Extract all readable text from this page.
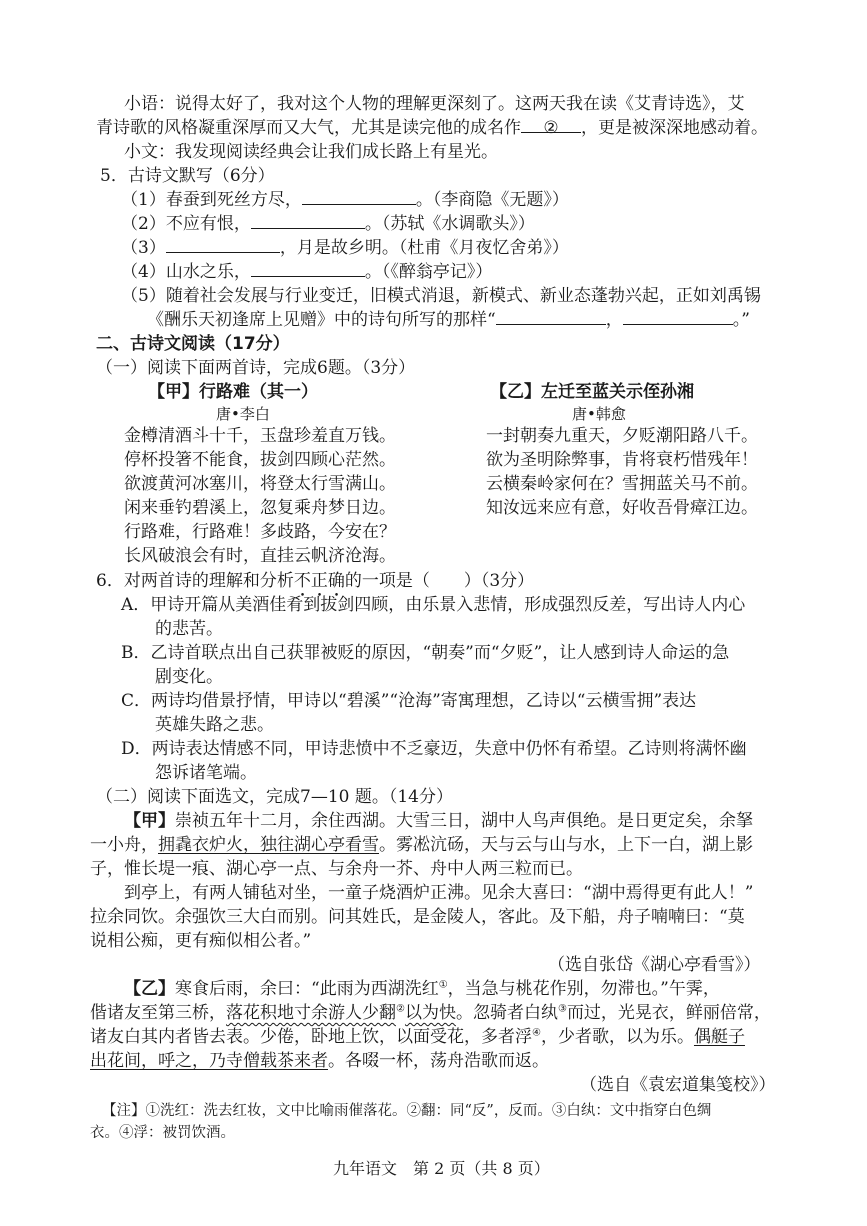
小语：说得太好了，我对这个人物的理解更深刻了。这两天我在读《艾青诗选》，艾
青诗歌的风格凝重深厚而又大气，尤其是读完他的成名作 ② ，更是被深深地感动着。
小文：我发现阅读经典会让我们成长路上有星光。
5．古诗文默写（6分）
（1）春蚕到死丝方尽，	。（李商隐《无题》）
（2）不应有恨，	。（苏轼《水调歌头》）
（3）	，月是故乡明。（杜甫《月夜忆舍弟》）
（4）山水之乐，	。（《醉翁亭记》）
（5）随着社会发展与行业变迁，旧模式消退，新模式、新业态蓬勃兴起，正如刘禹锡
《酬乐天初逢席上见赠》中的诗句所写的那样“	，	。”
二、古诗文阅读（17分）
（一）阅读下面两首诗，完成6题。（3分）
【甲】行路难（其一）
唐•李白
金樽清酒斗十千，玉盘珍羞直万钱。
停杯投箸不能食，拔剑四顾心茫然。
欲渡黄河冰塞川，将登太行雪满山。
闲来垂钓碧溪上，忽复乘舟梦日边。
行路难，行路难！多歧路，今安在？
长风破浪会有时，直挂云帆济沧海。
【乙】左迁至蓝关示侄孙湘
唐•韩愈
一封朝奏九重天，夕贬潮阳路八千。
欲为圣明除弊事，肯将衰朽惜残年！
云横秦岭家何在？雪拥蓝关马不前。
知汝远来应有意，好收吾骨瘴江边。
6．对两首诗的理解和分析不正确的一项是（ ）（3分）
A．甲诗开篇从美酒佳肴到拔剑四顾，由乐景入悲情，形成强烈反差，写出诗人内心
的悲苦。
B．乙诗首联点出自己获罪被贬的原因，“朝奏”而“夕贬”，让人感到诗人命运的急
剧变化。
C．两诗均借景抒情，甲诗以“碧溪”“沧海”寄寓理想，乙诗以“云横雪拥”表达
英雄失路之悲。
D．两诗表达情感不同，甲诗悲愤中不乏豪迈，失意中仍怀有希望。乙诗则将满怀幽
怨诉诸笔端。
（二）阅读下面选文，完成7—10 题。（14分）
【甲】崇祯五年十二月，余住西湖。大雪三日，湖中人鸟声俱绝。是日更定矣，余拏
一小舟，拥毳衣炉火，独往湖心亭看雪。雾凇沆砀，天与云与山与水，上下一白，湖上影
子，惟长堤一痕、湖心亭一点、与余舟一芥、舟中人两三粒而已。
到亭上，有两人铺毡对坐，一童子烧酒炉正沸。见余大喜曰：“湖中焉得更有此人！”
拉余同饮。余强饮三大白而别。问其姓氏，是金陵人，客此。及下船，舟子喃喃曰：“莫
说相公痴，更有痴似相公者。”
（选自张岱《湖心亭看雪》）
【乙】寒食后雨，余曰：“此雨为西湖洗红①，当急与桃花作别，勿滞也。”午霁，
偕诸友至第三桥，落花积地寸余游人少翻②以为快。忽骑者白纨③而过，光晃衣，鲜丽倍常，
诸友白其内者皆去表。少倦，卧地上饮，以面受花，多者浮④，少者歌，以为乐。偶艇子
出花间，呼之，乃寺僧载茶来者。各啜一杯，荡舟浩歌而返。
（选自《袁宏道集笺校》）
【注】①洗红：洗去红妆，文中比喻雨催落花。②翻：同“反”，反而。③白纨：文中指穿白色绸
衣。④浮：被罚饮酒。
九年语文　第 2 页（共 8 页）
